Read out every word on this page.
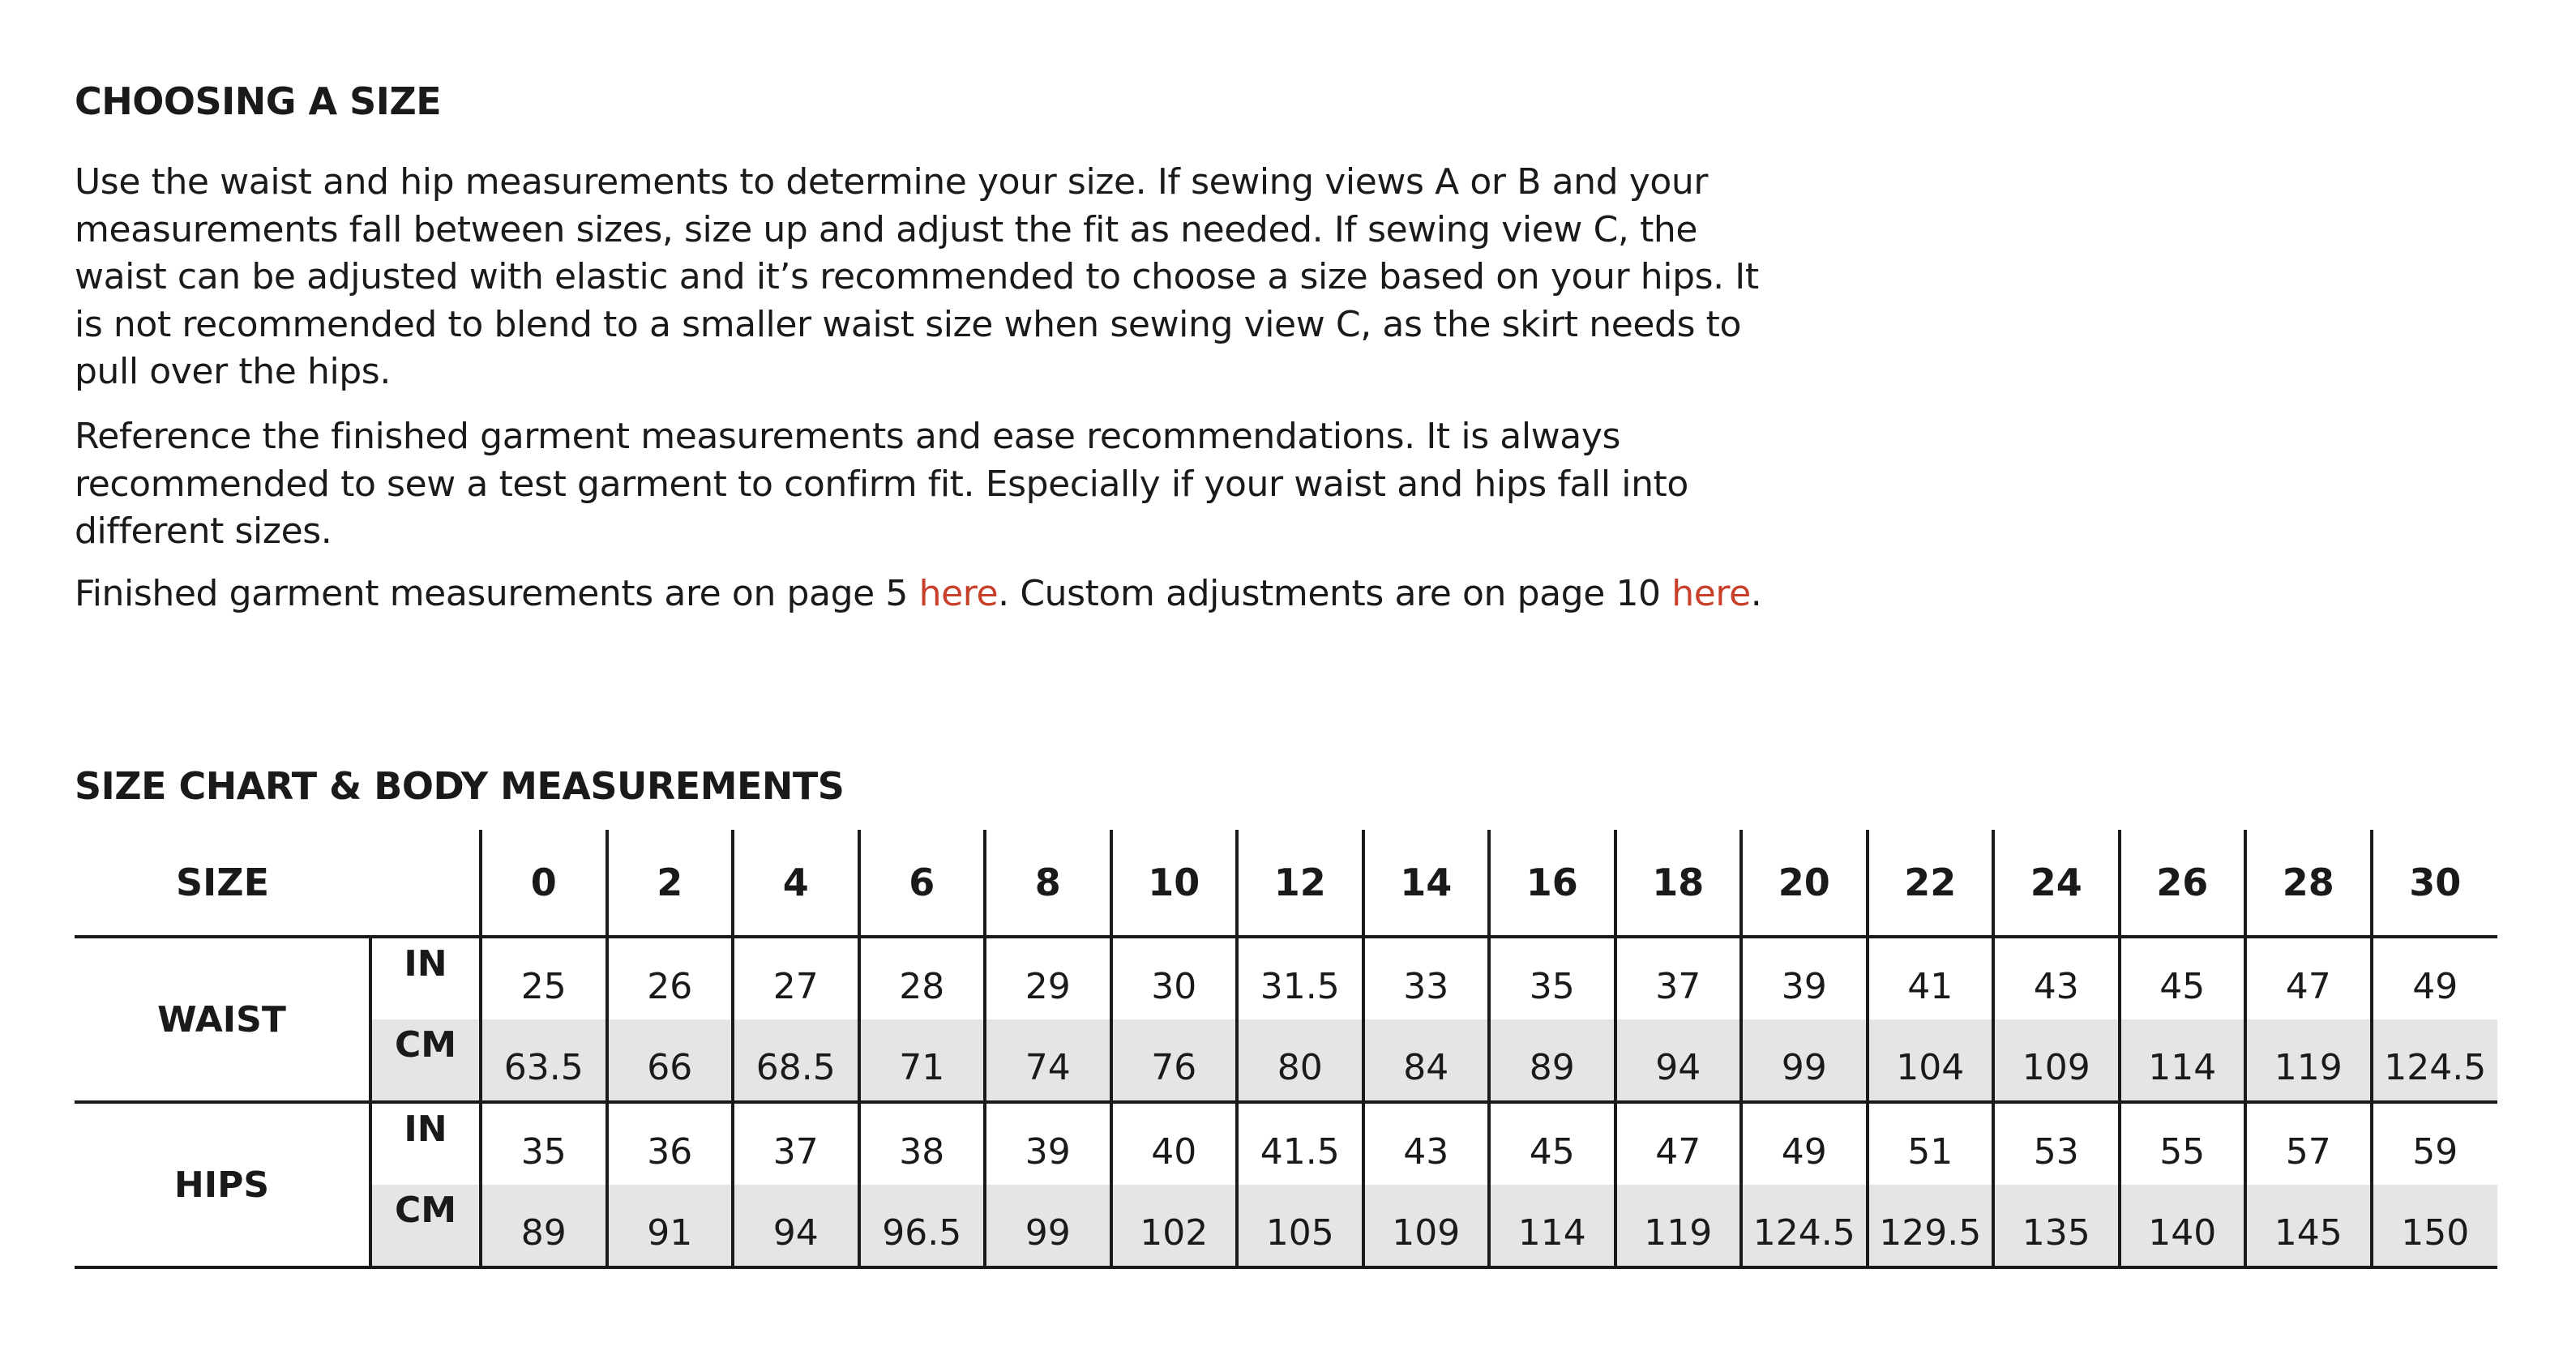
CHOOSING A SIZE

Use the waist and hip measurements to determine your size. If sewing views A or B and your measurements fall between sizes, size up and adjust the fit as needed. If sewing view C, the waist can be adjusted with elastic and it’s recommended to choose a size based on your hips. It is not recommended to blend to a smaller waist size when sewing view C, as the skirt needs to pull over the hips.

Reference the finished garment measurements and ease recommendations. It is always recommended to sew a test garment to confirm fit. Especially if your waist and hips fall into different sizes.

Finished garment measurements are on page 5 here. Custom adjustments are on page 10 here.

SIZE CHART & BODY MEASUREMENTS
SIZE		0	2	4	6	8	10	12	14	16	18	20	22	24	26	28	30
WAIST	IN	25	26	27	28	29	30	31.5	33	35	37	39	41	43	45	47	49
	CM	63.5	66	68.5	71	74	76	80	84	89	94	99	104	109	114	119	124.5
HIPS	IN	35	36	37	38	39	40	41.5	43	45	47	49	51	53	55	57	59
	CM	89	91	94	96.5	99	102	105	109	114	119	124.5	129.5	135	140	145	150
